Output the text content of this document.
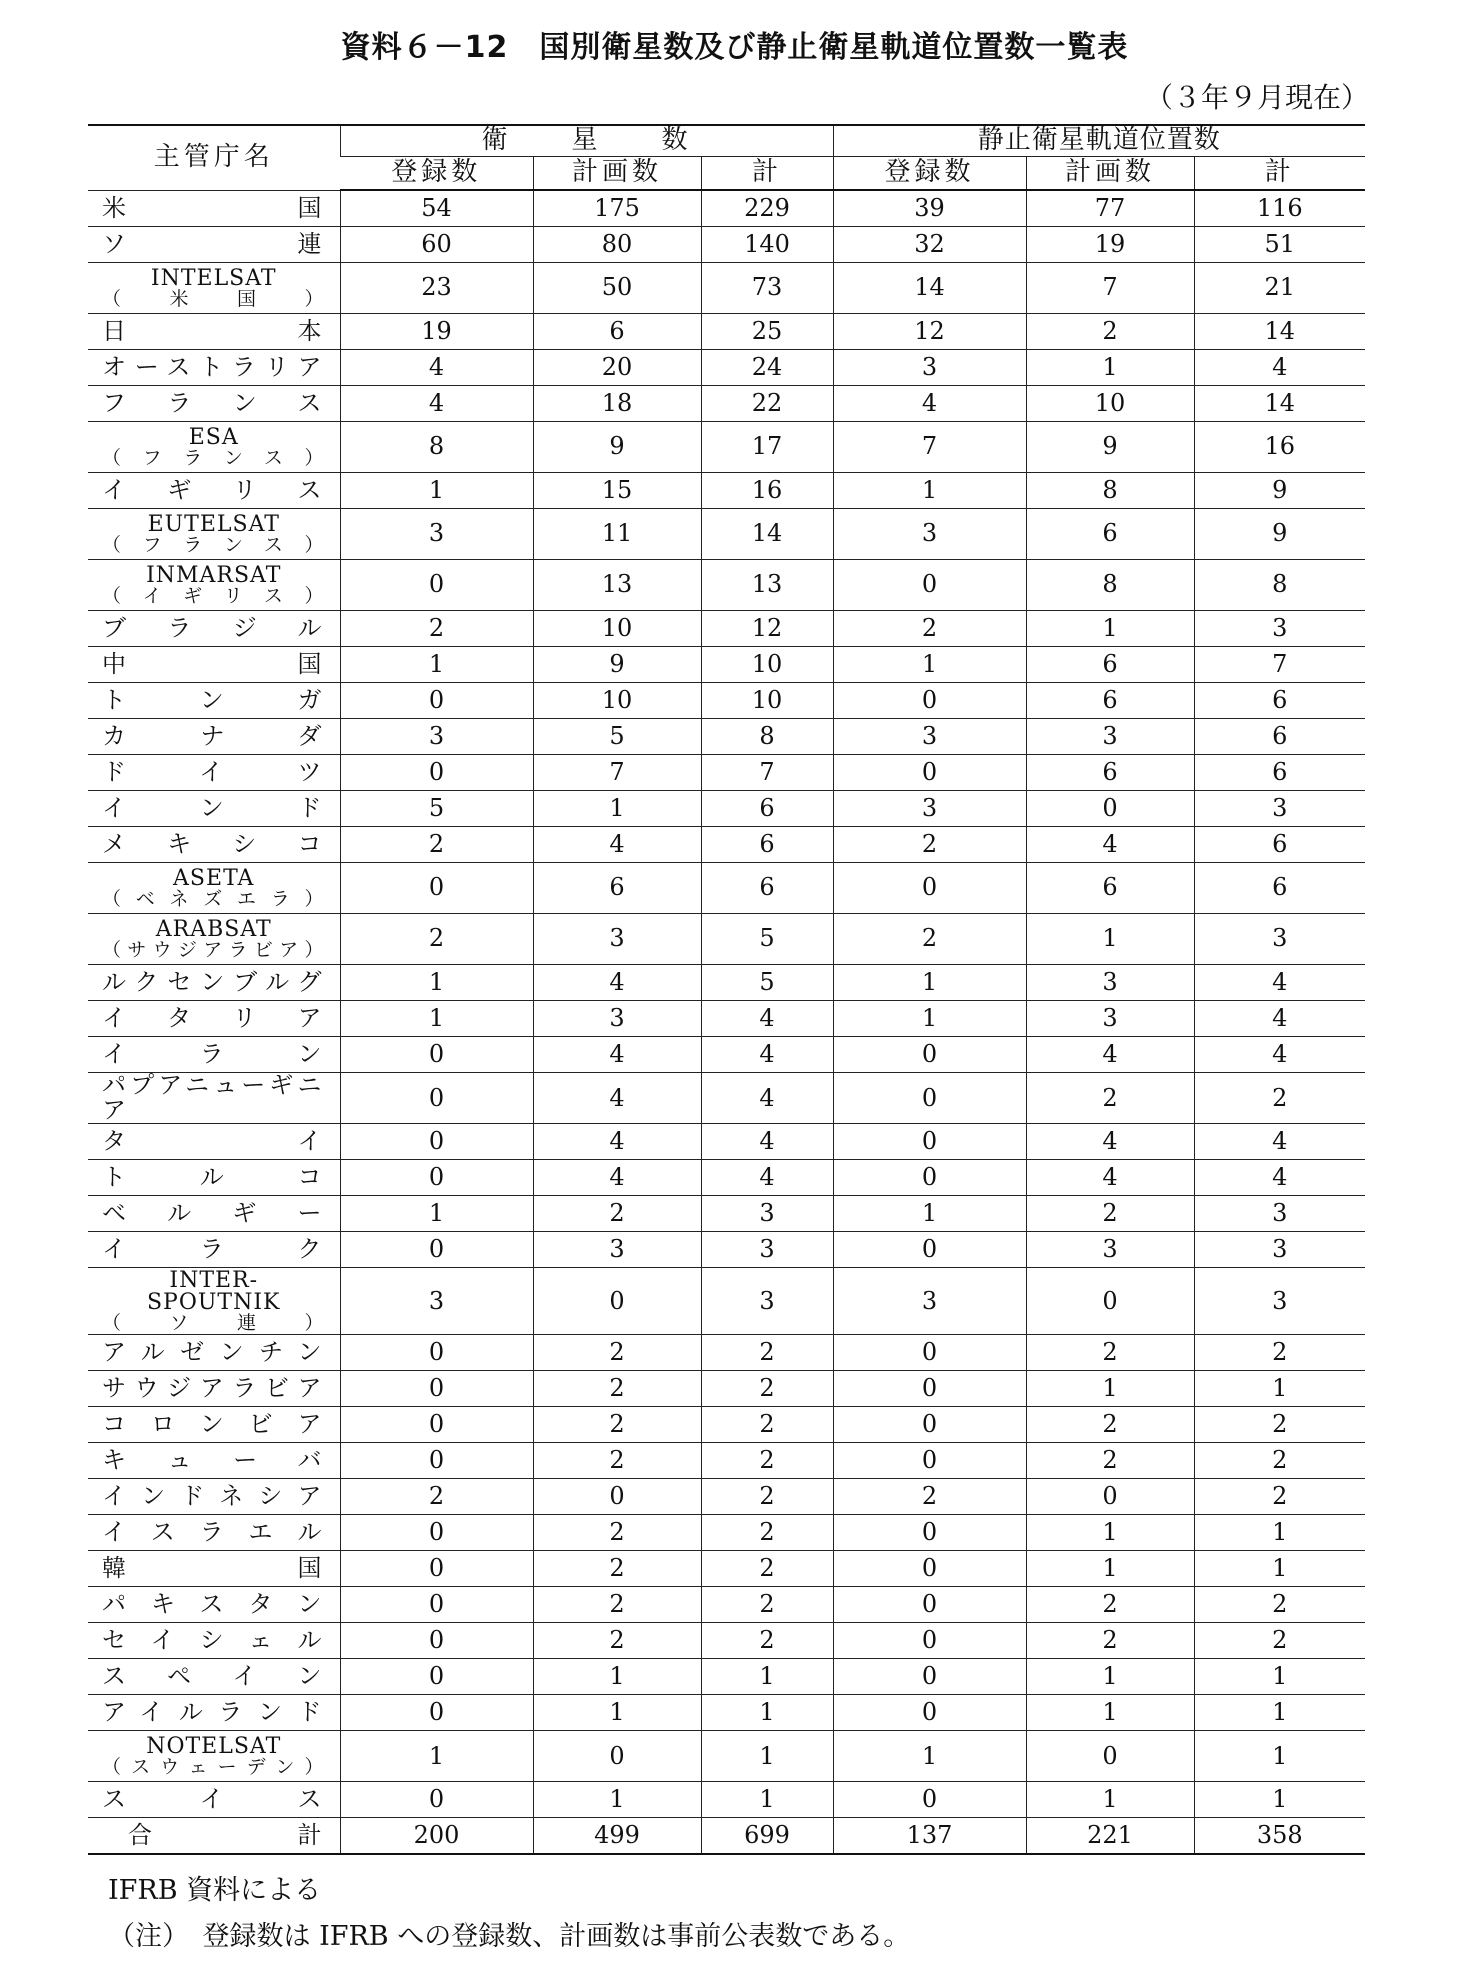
資料６－12　国別衛星数及び静止衛星軌道位置数一覧表
（３年９月現在）
主管庁名	衛　　星　　数			静止衛星軌道位置数		
	登録数	計画数	計	登録数	計画数	計
米国	54	175	229	39	77	116
ソ連	60	80	140	32	19	51

INTELSAT
（米国）	23	50	73	14	7	21
日本	19	6	25	12	2	14
オーストラリア	4	20	24	3	1	4
フランス	4	18	22	4	10	14

ESA
（フランス）	8	9	17	7	9	16
イギリス	1	15	16	1	8	9

EUTELSAT
（フランス）	3	11	14	3	6	9

INMARSAT
（イギリス）	0	13	13	0	8	8
ブラジル	2	10	12	2	1	3
中国	1	9	10	1	6	7
トンガ	0	10	10	0	6	6
カナダ	3	5	8	3	3	6
ドイツ	0	7	7	0	6	6
インド	5	1	6	3	0	3
メキシコ	2	4	6	2	4	6

ASETA
（ベネズエラ）	0	6	6	0	6	6

ARABSAT
（サウジアラビア）	2	3	5	2	1	3
ルクセンブルグ	1	4	5	1	3	4
イタリア	1	3	4	1	3	4
イラン	0	4	4	0	4	4
パプアニューギニア	0	4	4	0	2	2
タイ	0	4	4	0	4	4
トルコ	0	4	4	0	4	4
ベルギー	1	2	3	1	2	3
イラク	0	3	3	0	3	3

INTER-
SPOUTNIK
（ソ連）	3	0	3	3	0	3
アルゼンチン	0	2	2	0	2	2
サウジアラビア	0	2	2	0	1	1
コロンビア	0	2	2	0	2	2
キューバ	0	2	2	0	2	2
インドネシア	2	0	2	2	0	2
イスラエル	0	2	2	0	1	1
韓国	0	2	2	0	1	1
パキスタン	0	2	2	0	2	2
セイシェル	0	2	2	0	2	2
スペイン	0	1	1	0	1	1
アイルランド	0	1	1	0	1	1

NOTELSAT
（スウェーデン）	1	0	1	1	0	1
スイス	0	1	1	0	1	1
合計	200	499	699	137	221	358
IFRB 資料による
（注）　登録数は IFRB への登録数、計画数は事前公表数である。
